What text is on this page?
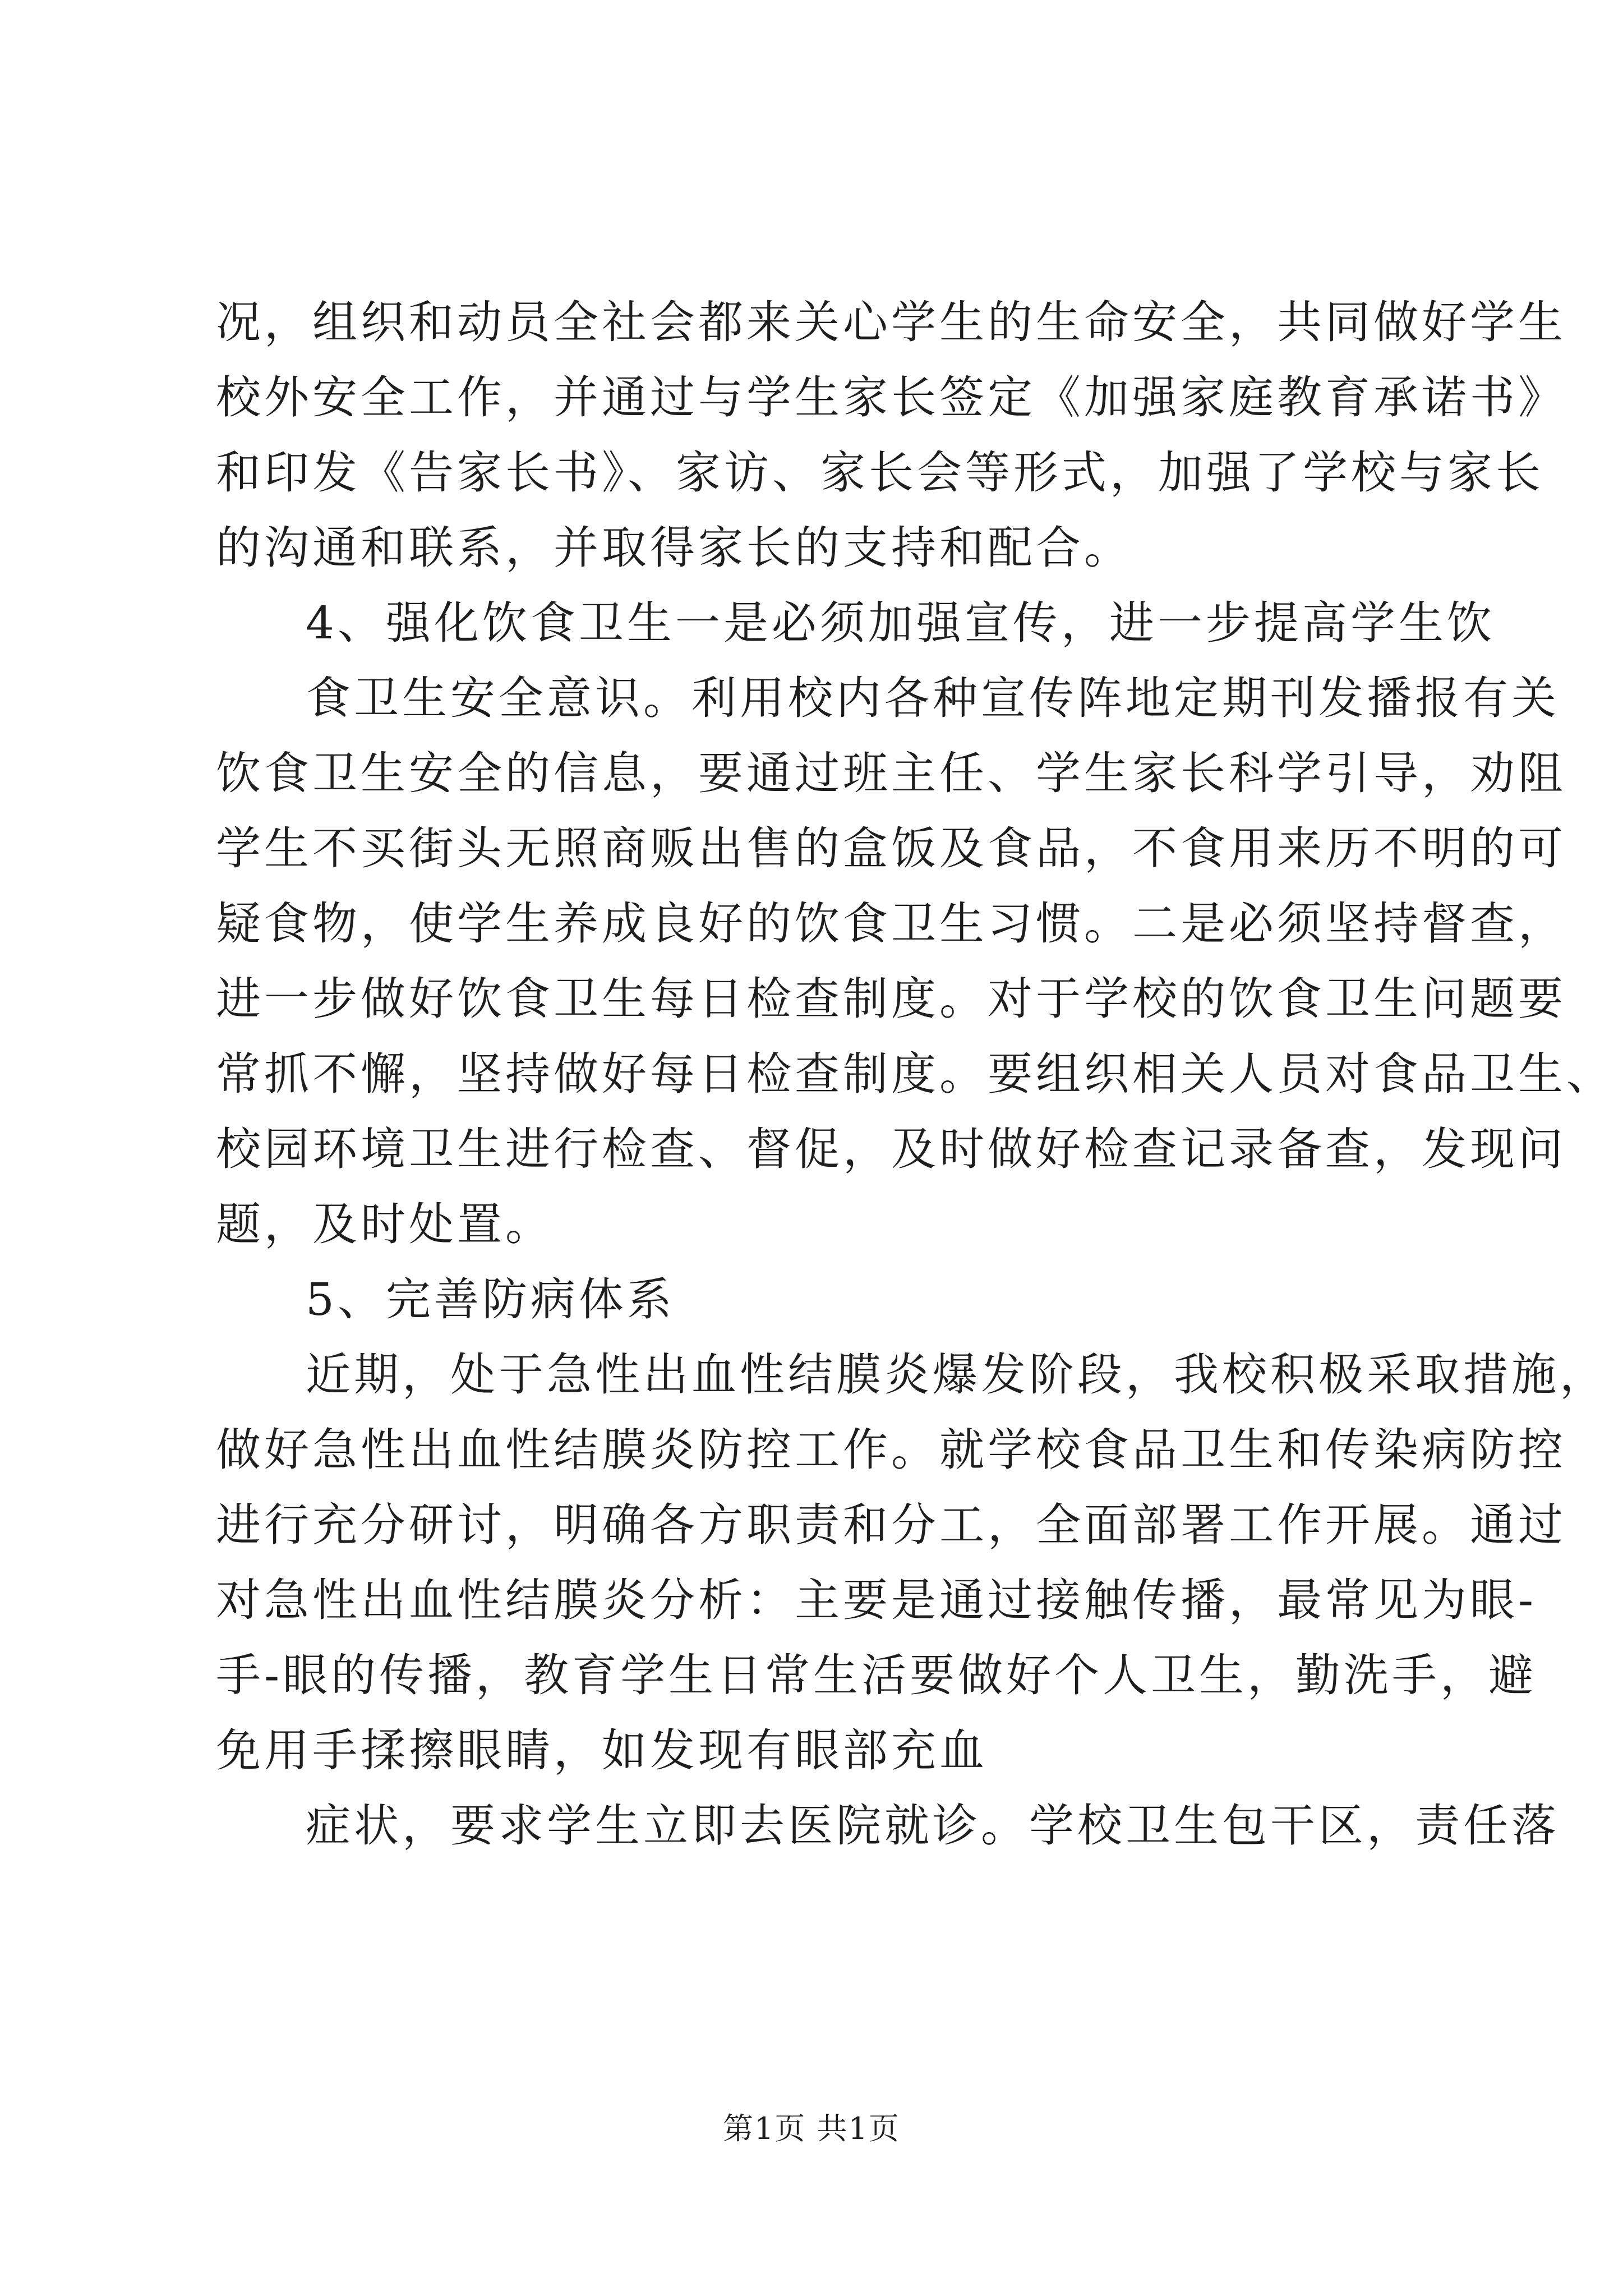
况，组织和动员全社会都来关心学生的生命安全，共同做好学生
校外安全工作，并通过与学生家长签定《加强家庭教育承诺书》
和印发《告家长书》、家访、家长会等形式，加强了学校与家长
的沟通和联系，并取得家长的支持和配合。
4、强化饮食卫生一是必须加强宣传，进一步提高学生饮
食卫生安全意识。利用校内各种宣传阵地定期刊发播报有关
饮食卫生安全的信息，要通过班主任、学生家长科学引导，劝阻
学生不买街头无照商贩出售的盒饭及食品，不食用来历不明的可
疑食物，使学生养成良好的饮食卫生习惯。二是必须坚持督查，
进一步做好饮食卫生每日检查制度。对于学校的饮食卫生问题要
常抓不懈，坚持做好每日检查制度。要组织相关人员对食品卫生、
校园环境卫生进行检查、督促，及时做好检查记录备查，发现问
题，及时处置。
5、完善防病体系
近期，处于急性出血性结膜炎爆发阶段，我校积极采取措施，
做好急性出血性结膜炎防控工作。就学校食品卫生和传染病防控
进行充分研讨，明确各方职责和分工，全面部署工作开展。通过
对急性出血性结膜炎分析：主要是通过接触传播，最常见为眼-
手-眼的传播，教育学生日常生活要做好个人卫生，勤洗手，避
免用手揉擦眼睛，如发现有眼部充血
症状，要求学生立即去医院就诊。学校卫生包干区，责任落
第1页 共1页
